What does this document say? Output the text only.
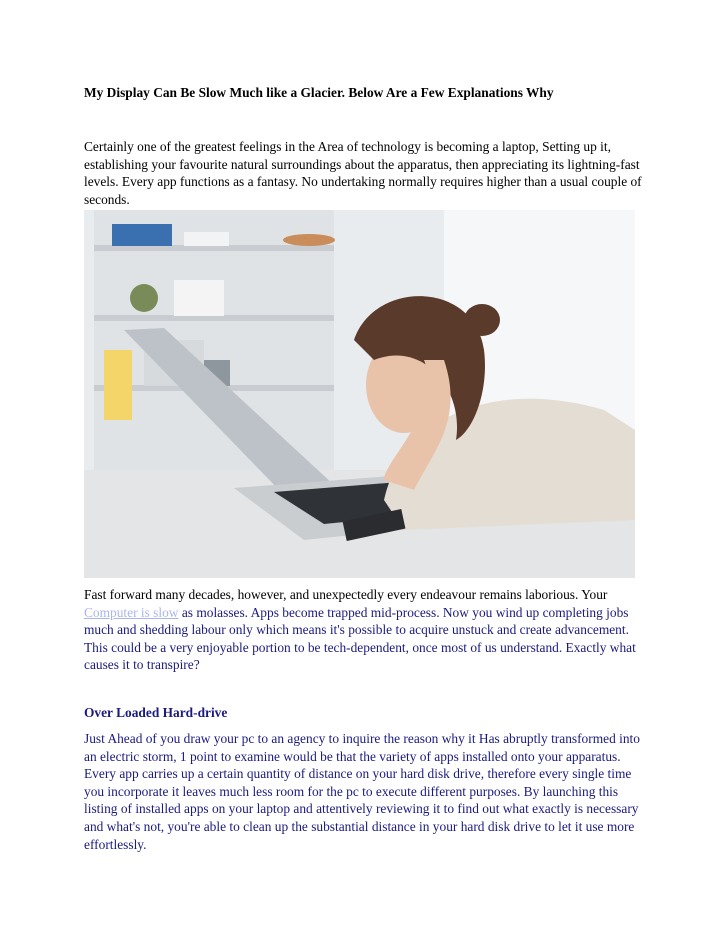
My Display Can Be Slow Much like a Glacier. Below Are a Few Explanations Why

Certainly one of the greatest feelings in the Area of technology is becoming a laptop, Setting up it, establishing your favourite natural surroundings about the apparatus, then appreciating its lightning-fast levels. Every app functions as a fantasy. No undertaking normally requires higher than a usual couple of seconds.

Fast forward many decades, however, and unexpectedly every endeavour remains laborious. Your Computer is slow as molasses. Apps become trapped mid-process. Now you wind up completing jobs much and shedding labour only which means it's possible to acquire unstuck and create advancement. This could be a very enjoyable portion to be tech-dependent, once most of us understand. Exactly what causes it to transpire?

Over Loaded Hard-drive

Just Ahead of you draw your pc to an agency to inquire the reason why it Has abruptly transformed into an electric storm, 1 point to examine would be that the variety of apps installed onto your apparatus. Every app carries up a certain quantity of distance on your hard disk drive, therefore every single time you incorporate it leaves much less room for the pc to execute different purposes. By launching this listing of installed apps on your laptop and attentively reviewing it to find out what exactly is necessary and what's not, you're able to clean up the substantial distance in your hard disk drive to let it use more effortlessly.
